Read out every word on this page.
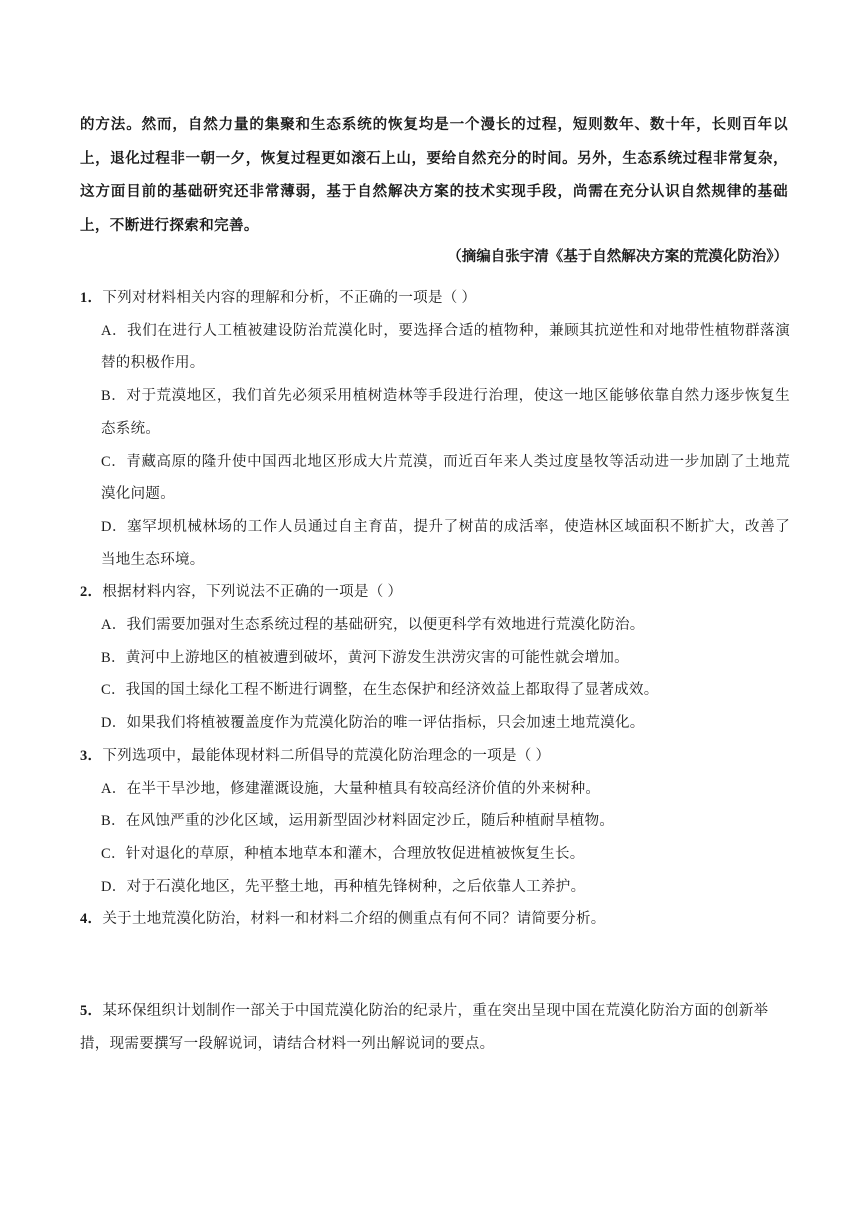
的方法。然而，自然力量的集聚和生态系统的恢复均是一个漫长的过程，短则数年、数十年，长则百年以上，退化过程非一朝一夕，恢复过程更如滚石上山，要给自然充分的时间。另外，生态系统过程非常复杂，这方面目前的基础研究还非常薄弱，基于自然解决方案的技术实现手段，尚需在充分认识自然规律的基础上，不断进行探索和完善。

（摘编自张宇清《基于自然解决方案的荒漠化防治》）

1．下列对材料相关内容的理解和分析，不正确的一项是（ ）

A．我们在进行人工植被建设防治荒漠化时，要选择合适的植物种，兼顾其抗逆性和对地带性植物群落演替的积极作用。

B．对于荒漠地区，我们首先必须采用植树造林等手段进行治理，使这一地区能够依靠自然力逐步恢复生态系统。

C．青藏高原的隆升使中国西北地区形成大片荒漠，而近百年来人类过度垦牧等活动进一步加剧了土地荒漠化问题。

D．塞罕坝机械林场的工作人员通过自主育苗，提升了树苗的成活率，使造林区域面积不断扩大，改善了当地生态环境。

2．根据材料内容，下列说法不正确的一项是（ ）

A．我们需要加强对生态系统过程的基础研究，以便更科学有效地进行荒漠化防治。

B．黄河中上游地区的植被遭到破坏，黄河下游发生洪涝灾害的可能性就会增加。

C．我国的国土绿化工程不断进行调整，在生态保护和经济效益上都取得了显著成效。

D．如果我们将植被覆盖度作为荒漠化防治的唯一评估指标，只会加速土地荒漠化。

3．下列选项中，最能体现材料二所倡导的荒漠化防治理念的一项是（ ）

A．在半干旱沙地，修建灌溉设施，大量种植具有较高经济价值的外来树种。

B．在风蚀严重的沙化区域，运用新型固沙材料固定沙丘，随后种植耐旱植物。

C．针对退化的草原，种植本地草本和灌木，合理放牧促进植被恢复生长。

D．对于石漠化地区，先平整土地，再种植先锋树种，之后依靠人工养护。

4．关于土地荒漠化防治，材料一和材料二介绍的侧重点有何不同？请简要分析。

5．某环保组织计划制作一部关于中国荒漠化防治的纪录片，重在突出呈现中国在荒漠化防治方面的创新举措，现需要撰写一段解说词，请结合材料一列出解说词的要点。
